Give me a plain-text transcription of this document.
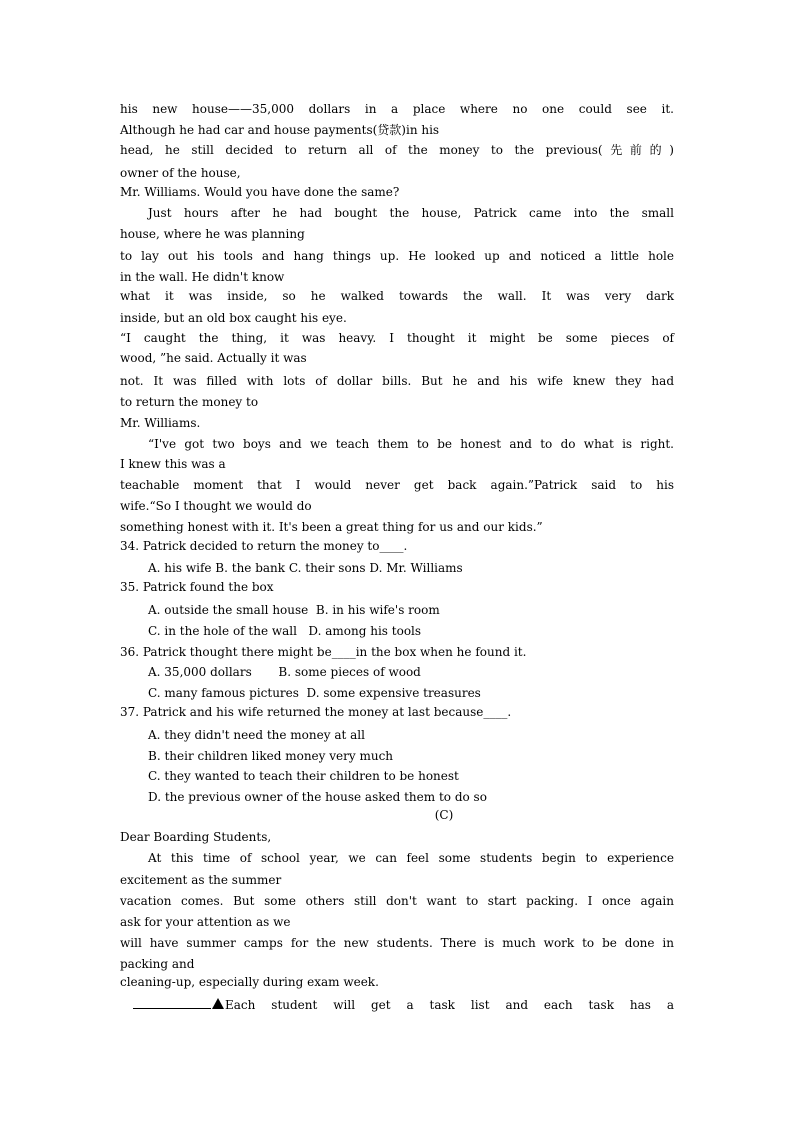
his new house——35,000 dollars in a place where no one could see it.
Although he had car and house payments(贷款)in his
head, he still decided to return all of the money to the previous(先前的)
owner of the house,
Mr. Williams. Would you have done the same?
Just hours after he had bought the house, Patrick came into the small
house, where he was planning
to lay out his tools and hang things up. He looked up and noticed a little hole
in the wall. He didn't know
what it was inside, so he walked towards the wall. It was very dark
inside, but an old box caught his eye.
“I caught the thing, it was heavy. I thought it might be some pieces of
wood, ”he said. Actually it was
not. It was filled with lots of dollar bills. But he and his wife knew they had
to return the money to
Mr. Williams.
“I've got two boys and we teach them to be honest and to do what is right.
I knew this was a
teachable moment that I would never get back again.”Patrick said to his
wife.“So I thought we would do
something honest with it. It's been a great thing for us and our kids.”
34. Patrick decided to return the money to____.
A. his wife B. the bank C. their sons D. Mr. Williams
35. Patrick found the box
A. outside the small house  B. in his wife's room
C. in the hole of the wall   D. among his tools
36. Patrick thought there might be____in the box when he found it.
A. 35,000 dollars       B. some pieces of wood
C. many famous pictures  D. some expensive treasures
37. Patrick and his wife returned the money at last because____.
A. they didn't need the money at all
B. their children liked money very much
C. they wanted to teach their children to be honest
D. the previous owner of the house asked them to do so
(C)
Dear Boarding Students,
At this time of school year, we can feel some students begin to experience
excitement as the summer
vacation comes. But some others still don't want to start packing. I once again
ask for your attention as we
will have summer camps for the new students. There is much work to be done in
packing and
cleaning-up, especially during exam week.
Each student will get a task list and each task has a
